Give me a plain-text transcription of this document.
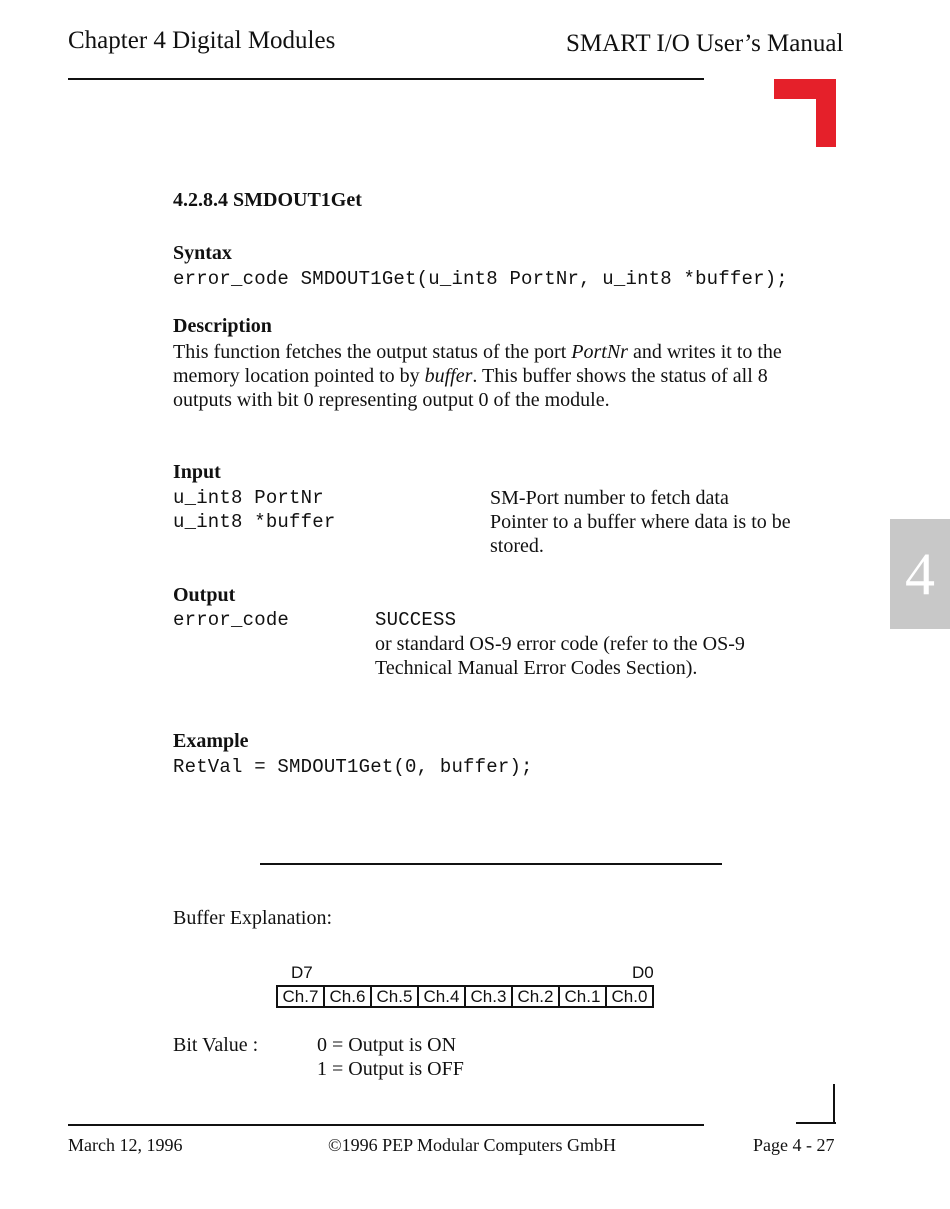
Chapter 4 Digital Modules	SMART I/O User’s Manual
4
4.2.8.4 SMDOUT1Get
Syntax
error_code SMDOUT1Get(u_int8 PortNr, u_int8 *buffer);
Description
This function fetches the output status of the port PortNr and writes it to the
memory location pointed to by buffer. This buffer shows the status of all 8
outputs with bit 0 representing output 0 of the module.
Input
u_int8 PortNr	SM-Port number to fetch data
u_int8 *buffer	Pointer to a buffer where data is to be
stored.
Output
error_code	SUCCESS
or standard OS-9 error code (refer to the OS-9
Technical Manual Error Codes Section).
Example
RetVal = SMDOUT1Get(0, buffer);
Buffer Explanation:
D7	D0
Ch.7	Ch.6	Ch.5	Ch.4	Ch.3	Ch.2	Ch.1	Ch.0
Bit Value :	0 = Output is ON
1 = Output is OFF
March 12, 1996	©1996 PEP Modular Computers GmbH	Page 4 - 27
